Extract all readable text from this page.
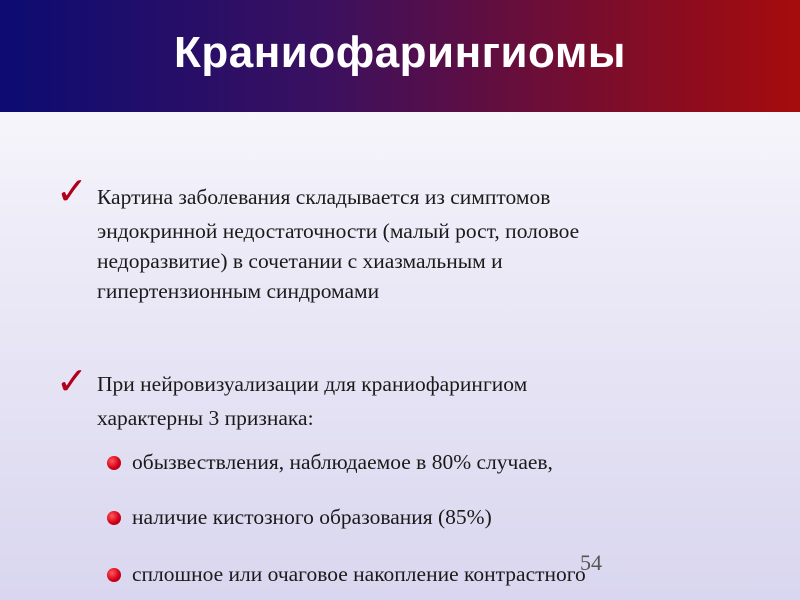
Краниофарингиомы
✓ Картина заболевания складывается из симптомов
эндокринной недостаточности (малый рост, половое
недоразвитие) в сочетании с хиазмальным и
гипертензионным синдромами
✓ При нейровизуализации для краниофарингиом
характерны 3 признака:
обызвествления, наблюдаемое в 80% случаев,
наличие кистозного образования (85%)
54
сплошное или очаговое накопление контрастного
